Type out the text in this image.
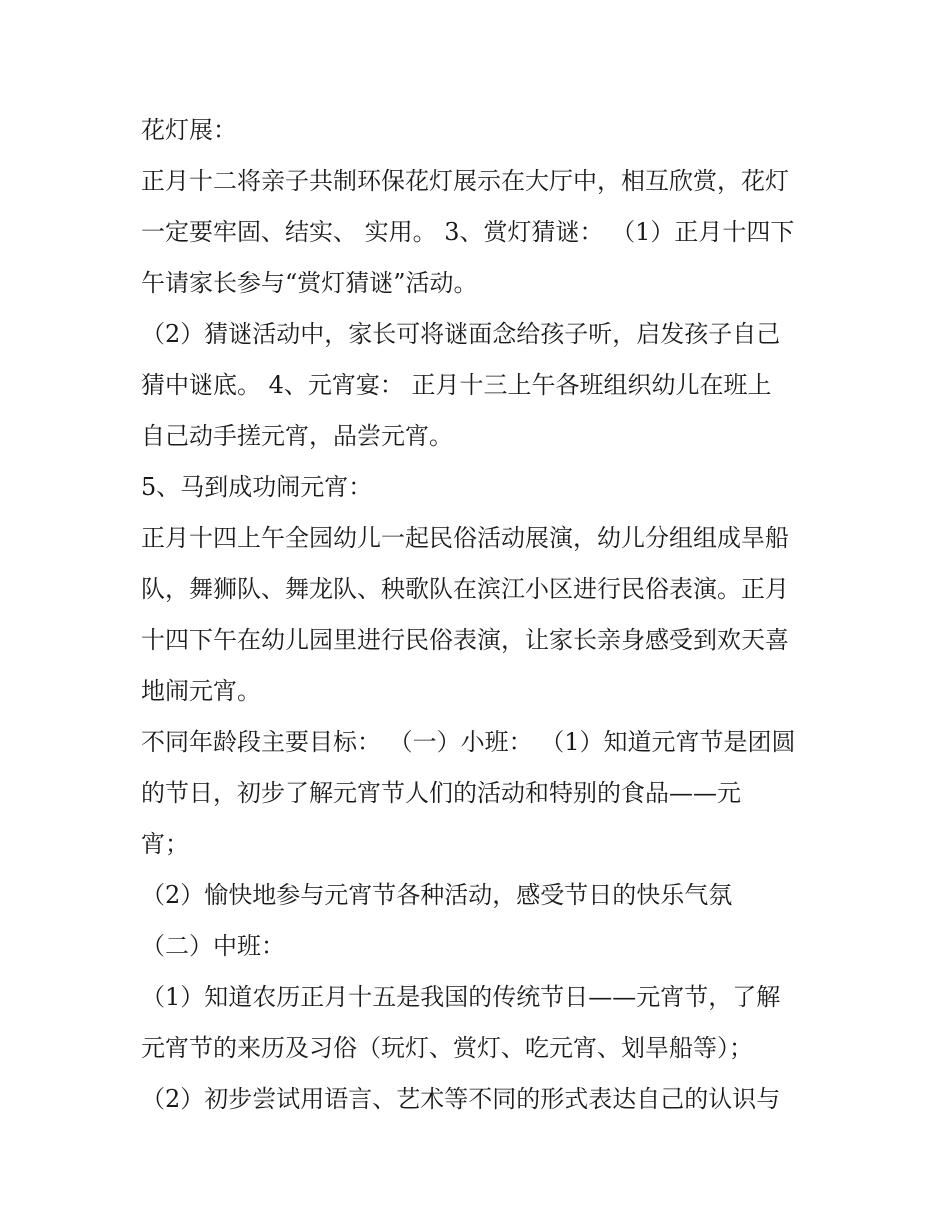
花灯展：
正月十二将亲子共制环保花灯展示在大厅中，相互欣赏，花灯
一定要牢固、结实、 实用。 3、赏灯猜谜： （1）正月十四下
午请家长参与“赏灯猜谜”活动。
（2）猜谜活动中，家长可将谜面念给孩子听，启发孩子自己
猜中谜底。 4、元宵宴： 正月十三上午各班组织幼儿在班上
自己动手搓元宵，品尝元宵。
5、马到成功闹元宵：
正月十四上午全园幼儿一起民俗活动展演，幼儿分组组成旱船
队，舞狮队、舞龙队、秧歌队在滨江小区进行民俗表演。正月
十四下午在幼儿园里进行民俗表演，让家长亲身感受到欢天喜
地闹元宵。
不同年龄段主要目标： （一）小班： （1）知道元宵节是团圆
的节日，初步了解元宵节人们的活动和特别的食品——元
宵；
（2）愉快地参与元宵节各种活动，感受节日的快乐气氛
（二）中班：
（1）知道农历正月十五是我国的传统节日——元宵节，了解
元宵节的来历及习俗（玩灯、赏灯、吃元宵、划旱船等）；
（2）初步尝试用语言、艺术等不同的形式表达自己的认识与
